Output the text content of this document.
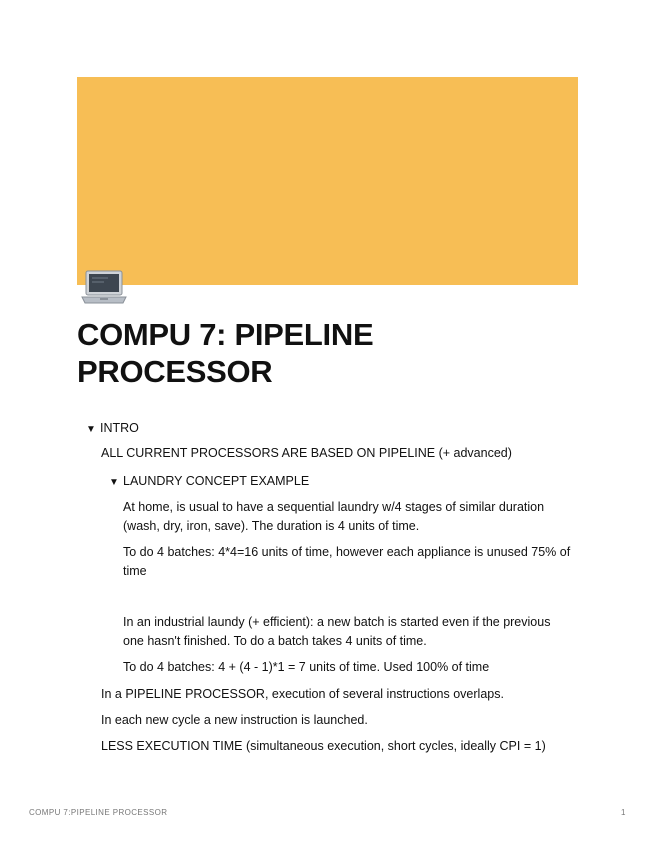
COMPU 7: PIPELINE PROCESSOR

▼ INTRO

ALL CURRENT PROCESSORS ARE BASED ON PIPELINE (+ advanced)

▼ LAUNDRY CONCEPT EXAMPLE

At home, is usual to have a sequential laundry w/4 stages of similar duration (wash, dry, iron, save). The duration is 4 units of time.

To do 4 batches: 4*4=16 units of time, however each appliance is unused 75% of time

In an industrial laundy (+ efficient): a new batch is started even if the previous one hasn't finished. To do a batch takes 4 units of time.

To do 4 batches: 4 + (4 - 1)*1 = 7 units of time. Used 100% of time

In a PIPELINE PROCESSOR, execution of several instructions overlaps.

In each new cycle a new instruction is launched.

LESS EXECUTION TIME (simultaneous execution, short cycles, ideally CPI = 1)

COMPU 7:PIPELINE PROCESSOR	1
